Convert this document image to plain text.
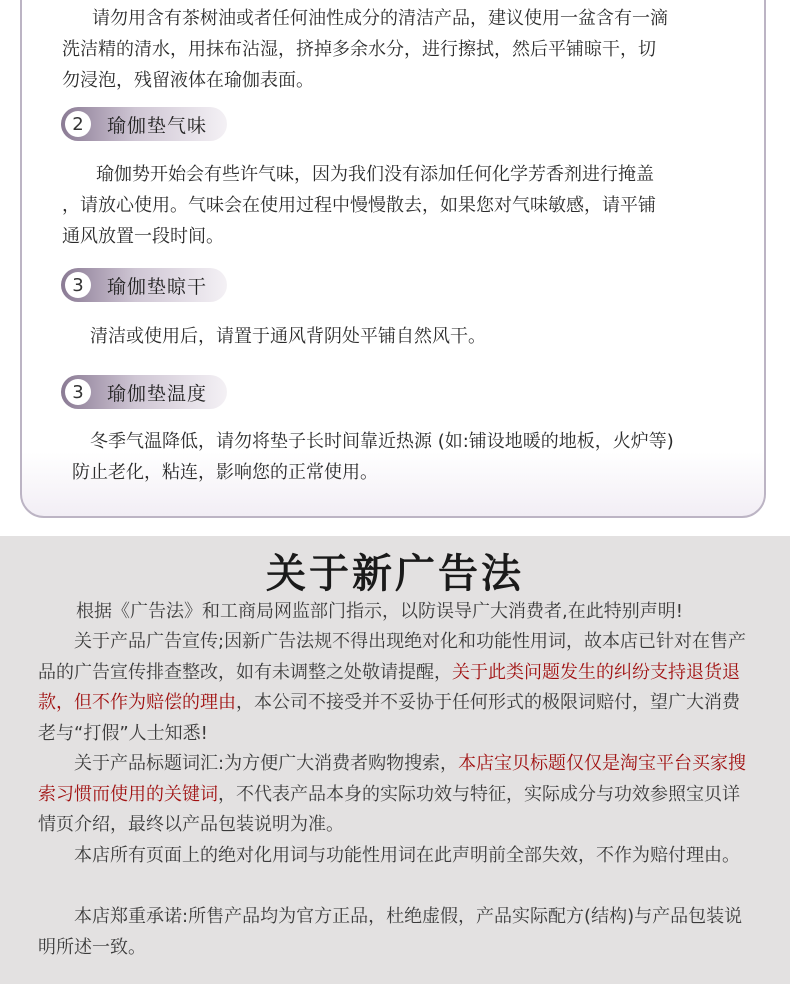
请勿用含有茶树油或者任何油性成分的清洁产品，建议使用一盆含有一滴
洗洁精的清水，用抹布沾湿，挤掉多余水分，进行擦拭，然后平铺晾干，切
勿浸泡，残留液体在瑜伽表面。

2	瑜伽垫气味

瑜伽势开始会有些许气味，因为我们没有添加任何化学芳香剂进行掩盖
，请放心使用。气味会在使用过程中慢慢散去，如果您对气味敏感，请平铺
通风放置一段时间。

3	瑜伽垫晾干

清洁或使用后，请置于通风背阴处平铺自然风干。

3	瑜伽垫温度

冬季气温降低，请勿将垫子长时间靠近热源 (如:铺设地暖的地板，火炉等)
防止老化，粘连，影响您的正常使用。

关于新广告法

根据《广告法》和工商局网监部门指示，以防误导广大消费者,在此特别声明!

关于产品广告宣传;因新广告法规不得出现绝对化和功能性用词，故本店已针对在售产品的广告宣传排查整改，如有未调整之处敬请提醒，关于此类问题发生的纠纷支持退货退款，但不作为赔偿的理由，本公司不接受并不妥协于任何形式的极限词赔付，望广大消费老与“打假”人士知悉!

关于产品标题词汇:为方便广大消费者购物搜索，本店宝贝标题仅仅是淘宝平台买家搜索习惯而使用的关键词，不代表产品本身的实际功效与特征，实际成分与功效参照宝贝详情页介绍，最终以产品包装说明为准。

本店所有页面上的绝对化用词与功能性用词在此声明前全部失效，不作为赔付理由。

本店郑重承诺:所售产品均为官方正品，杜绝虚假，产品实际配方(结构)与产品包装说明所述一致。
